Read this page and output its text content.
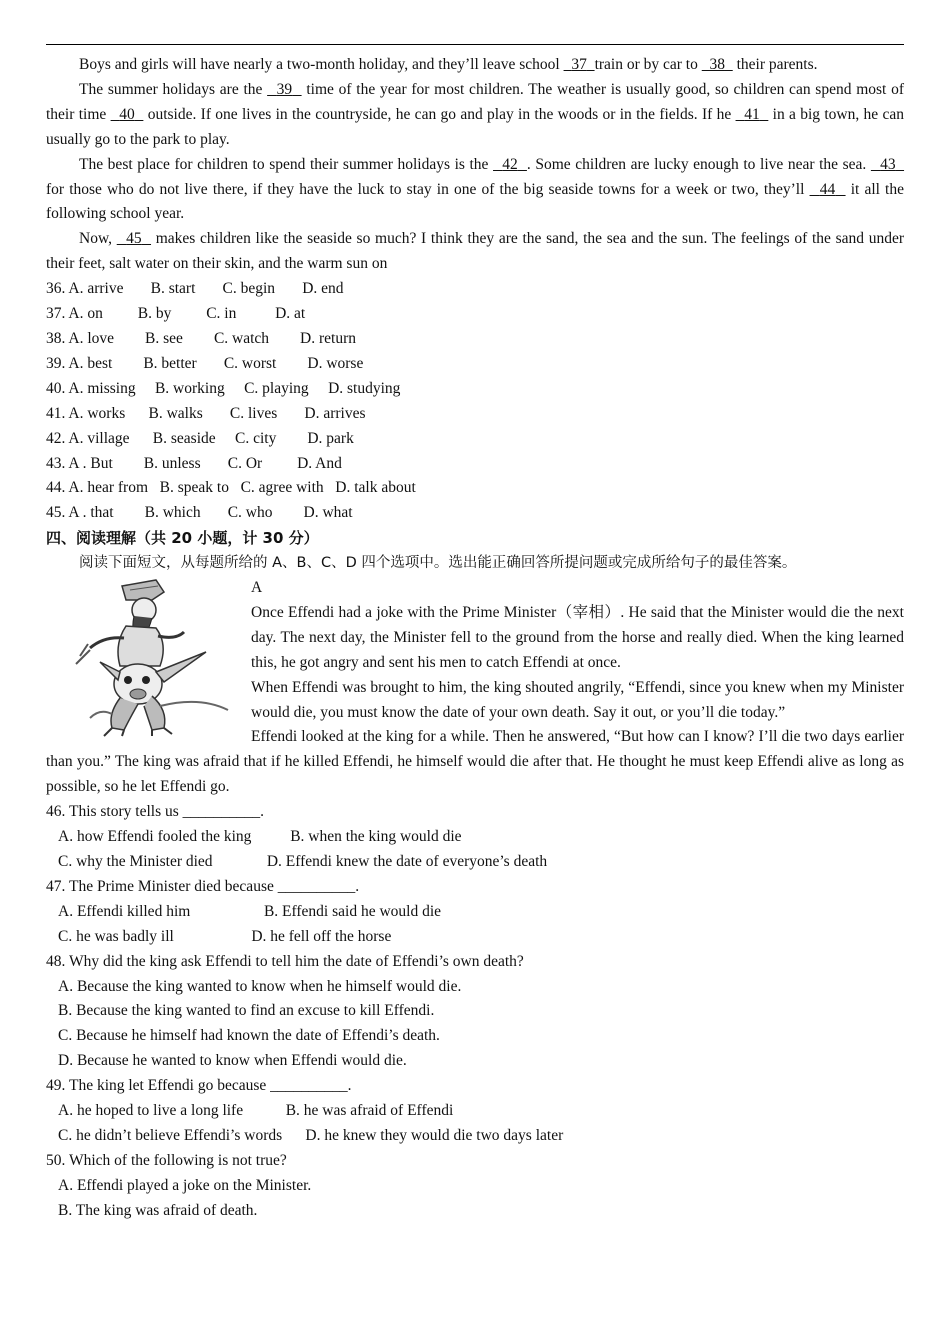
Boys and girls will have nearly a two-month holiday, and they’ll leave school   37 train or by car to   38   their parents.

The summer holidays are the   39   time of the year for most children. The weather is usually good, so children can spend most of their time   40   outside. If one lives in the countryside, he can go and play in the woods or in the fields. If he   41   in a big town, he can usually go to the park to play.

The best place for children to spend their summer holidays is the   42 . Some children are lucky enough to live near the sea.   43   for those who do not live there, if they have the luck to stay in one of the big seaside towns for a week or two, they’ll   44   it all the following school year.

Now,   45   makes children like the seaside so much? I think they are the sand, the sea and the sun. The feelings of the sand under their feet, salt water on their skin, and the warm sun on

36. A. arrive B. start C. begin D. end
37. A. on B. by C. in	D. at
38. A. love B. see C. watch D. return
39. A. best B. better C. worst D. worse
40. A. missing B. working C. playing D. studying
41. A. works B. walks C. lives D. arrives
42. A. village B. seaside C. city D. park
43. A . But B. unless C. Or D. And
44. A. hear from B. speak to C. agree with D. talk about
45. A . that B. which C. who D. what
四、阅读理解（共 20 小题，计 30 分）

阅读下面短文，从每题所给的 A、B、C、D 四个选项中。选出能正确回答所提问题或完成所给句子的最佳答案。

A

Once Effendi had a joke with the Prime Minister（宰相）. He said that the Minister would die the next day. The next day, the Minister fell to the ground from the horse and really died. When the king learned this, he got angry and sent his men to catch Effendi at once.

When Effendi was brought to him, the king shouted angrily, “Effendi, since you knew when my Minister would die, you must know the date of your own death. Say it out, or you’ll die today.”

Effendi looked at the king for a while. Then he answered, “But how can I know? I’ll die two days earlier than you.” The king was afraid that if he killed Effendi, he himself would die after that. He thought he must keep Effendi alive as long as possible, so he let Effendi go.

46. This story tells us __________.
A. how Effendi fooled the king	B. when the king would die
C. why the Minister died	D. Effendi knew the date of everyone’s death
47. The Prime Minister died because __________.
A. Effendi killed him	B. Effendi said he would die
C. he was badly ill	D. he fell off the horse
48. Why did the king ask Effendi to tell him the date of Effendi’s own death?
A. Because the king wanted to know when he himself would die.
B. Because the king wanted to find an excuse to kill Effendi.
C. Because he himself had known the date of Effendi’s death.
D. Because he wanted to know when Effendi would die.
49. The king let Effendi go because __________.
A. he hoped to live a long life	B. he was afraid of Effendi
C. he didn’t believe Effendi’s words D. he knew they would die two days later
50. Which of the following is not true?
A. Effendi played a joke on the Minister.
B. The king was afraid of death.
